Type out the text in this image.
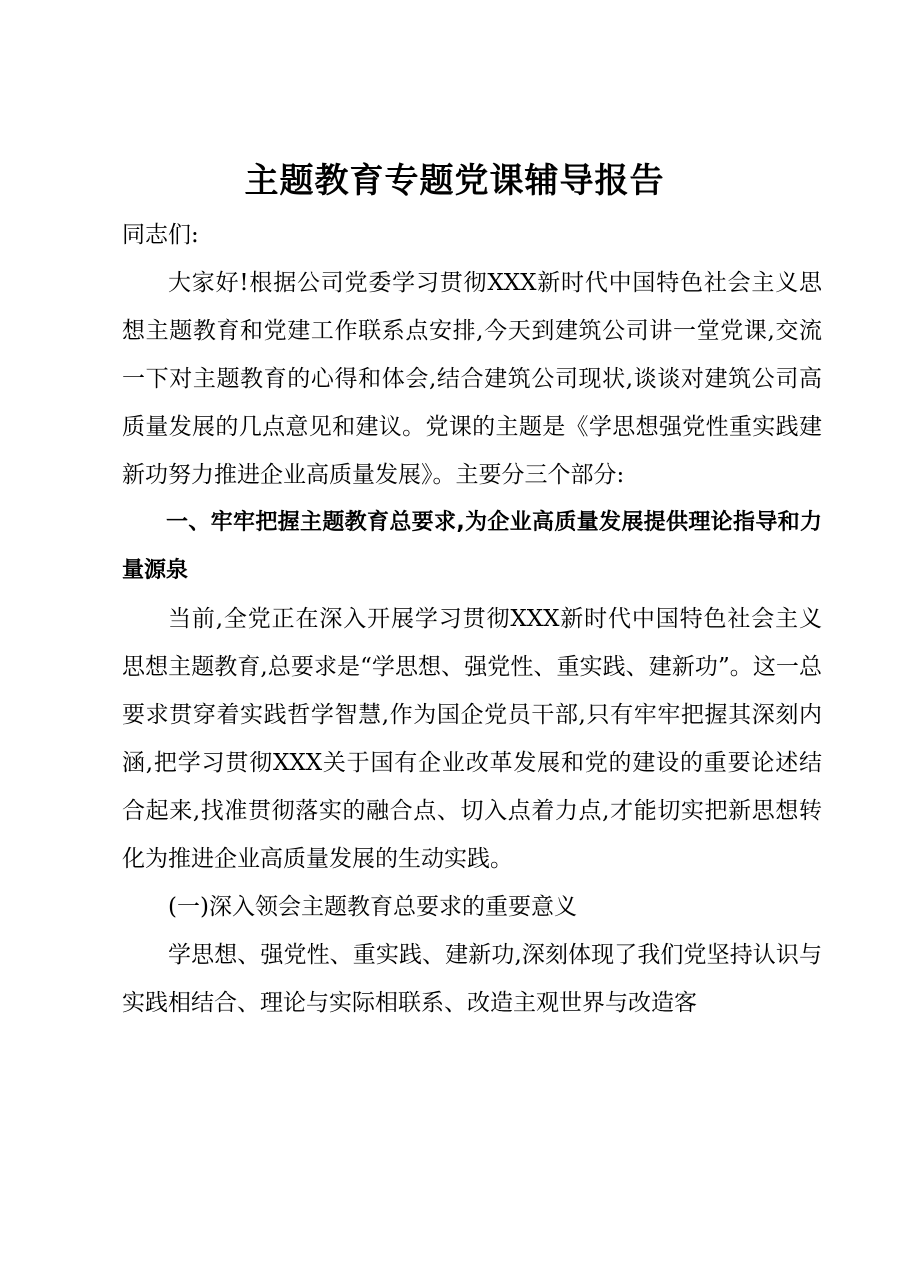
主题教育专题党课辅导报告

同志们:

大家好!根据公司党委学习贯彻XXX新时代中国特色社会主义思想主题教育和党建工作联系点安排,今天到建筑公司讲一堂党课,交流一下对主题教育的心得和体会,结合建筑公司现状,谈谈对建筑公司高质量发展的几点意见和建议。党课的主题是《学思想强党性重实践建新功努力推进企业高质量发展》。主要分三个部分:

一、牢牢把握主题教育总要求,为企业高质量发展提供理论指导和力量源泉

当前,全党正在深入开展学习贯彻XXX新时代中国特色社会主义思想主题教育,总要求是“学思想、强党性、重实践、建新功”。这一总要求贯穿着实践哲学智慧,作为国企党员干部,只有牢牢把握其深刻内涵,把学习贯彻XXX关于国有企业改革发展和党的建设的重要论述结合起来,找准贯彻落实的融合点、切入点着力点,才能切实把新思想转化为推进企业高质量发展的生动实践。

(一)深入领会主题教育总要求的重要意义

学思想、强党性、重实践、建新功,深刻体现了我们党坚持认识与实践相结合、理论与实际相联系、改造主观世界与改造客
